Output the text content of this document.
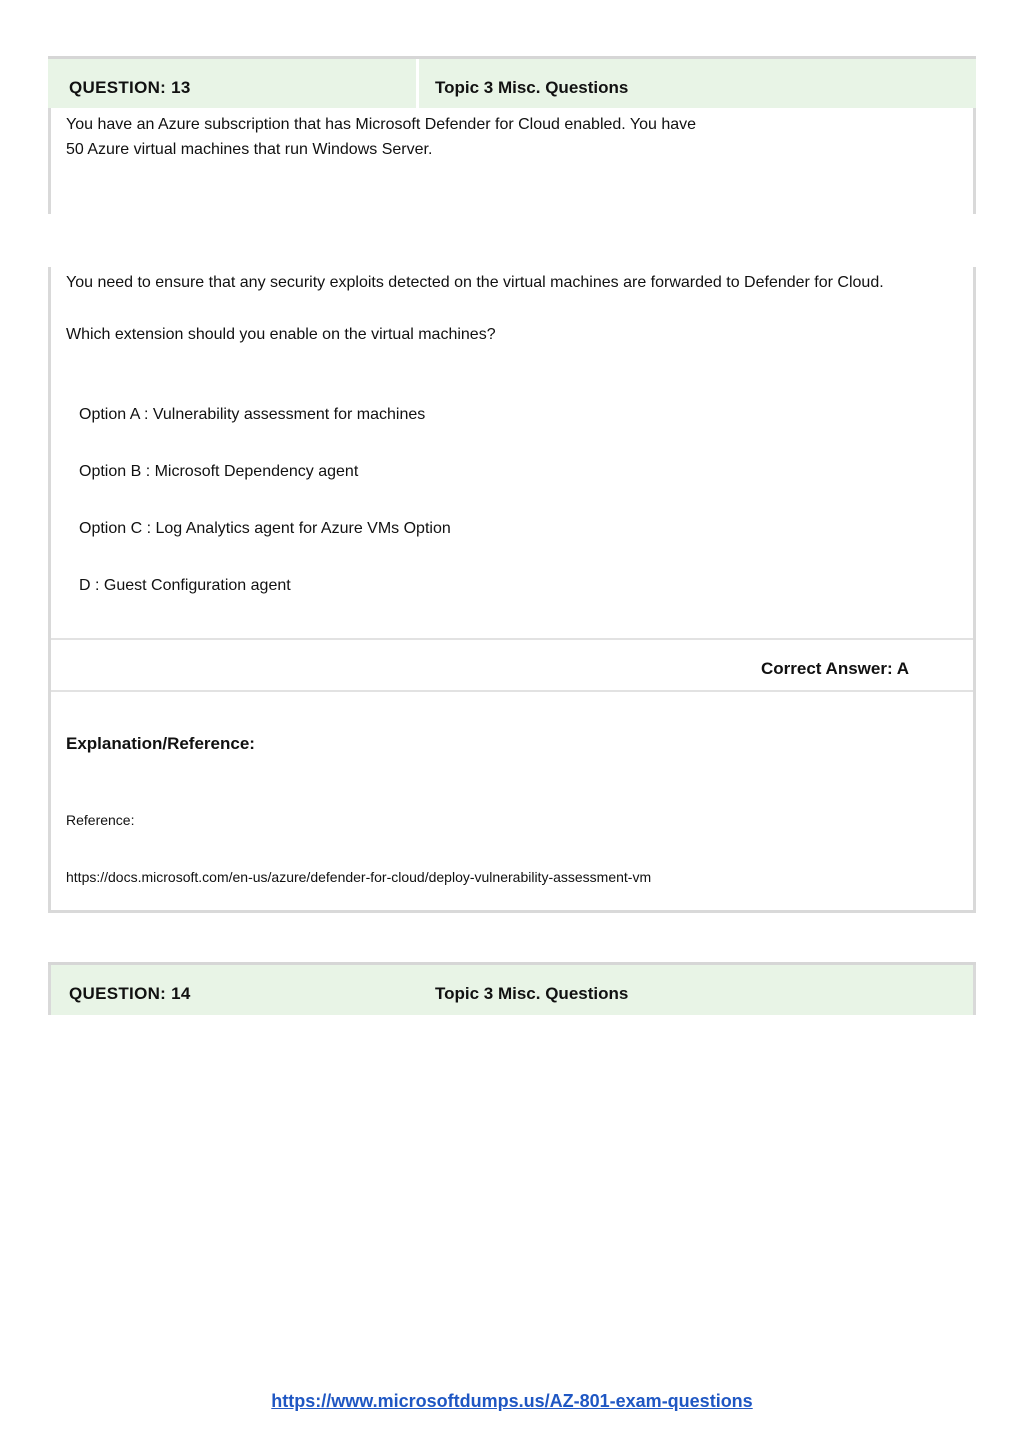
QUESTION: 13	Topic 3 Misc. Questions
You have an Azure subscription that has Microsoft Defender for Cloud enabled. You have
50 Azure virtual machines that run Windows Server.
You need to ensure that any security exploits detected on the virtual machines are forwarded to Defender for Cloud.
Which extension should you enable on the virtual machines?
Option A : Vulnerability assessment for machines
Option B : Microsoft Dependency agent
Option C : Log Analytics agent for Azure VMs Option
D : Guest Configuration agent
Correct Answer: A
Explanation/Reference:
Reference:
https://docs.microsoft.com/en-us/azure/defender-for-cloud/deploy-vulnerability-assessment-vm
QUESTION: 14	Topic 3 Misc. Questions
https://www.microsoftdumps.us/AZ-801-exam-questions
